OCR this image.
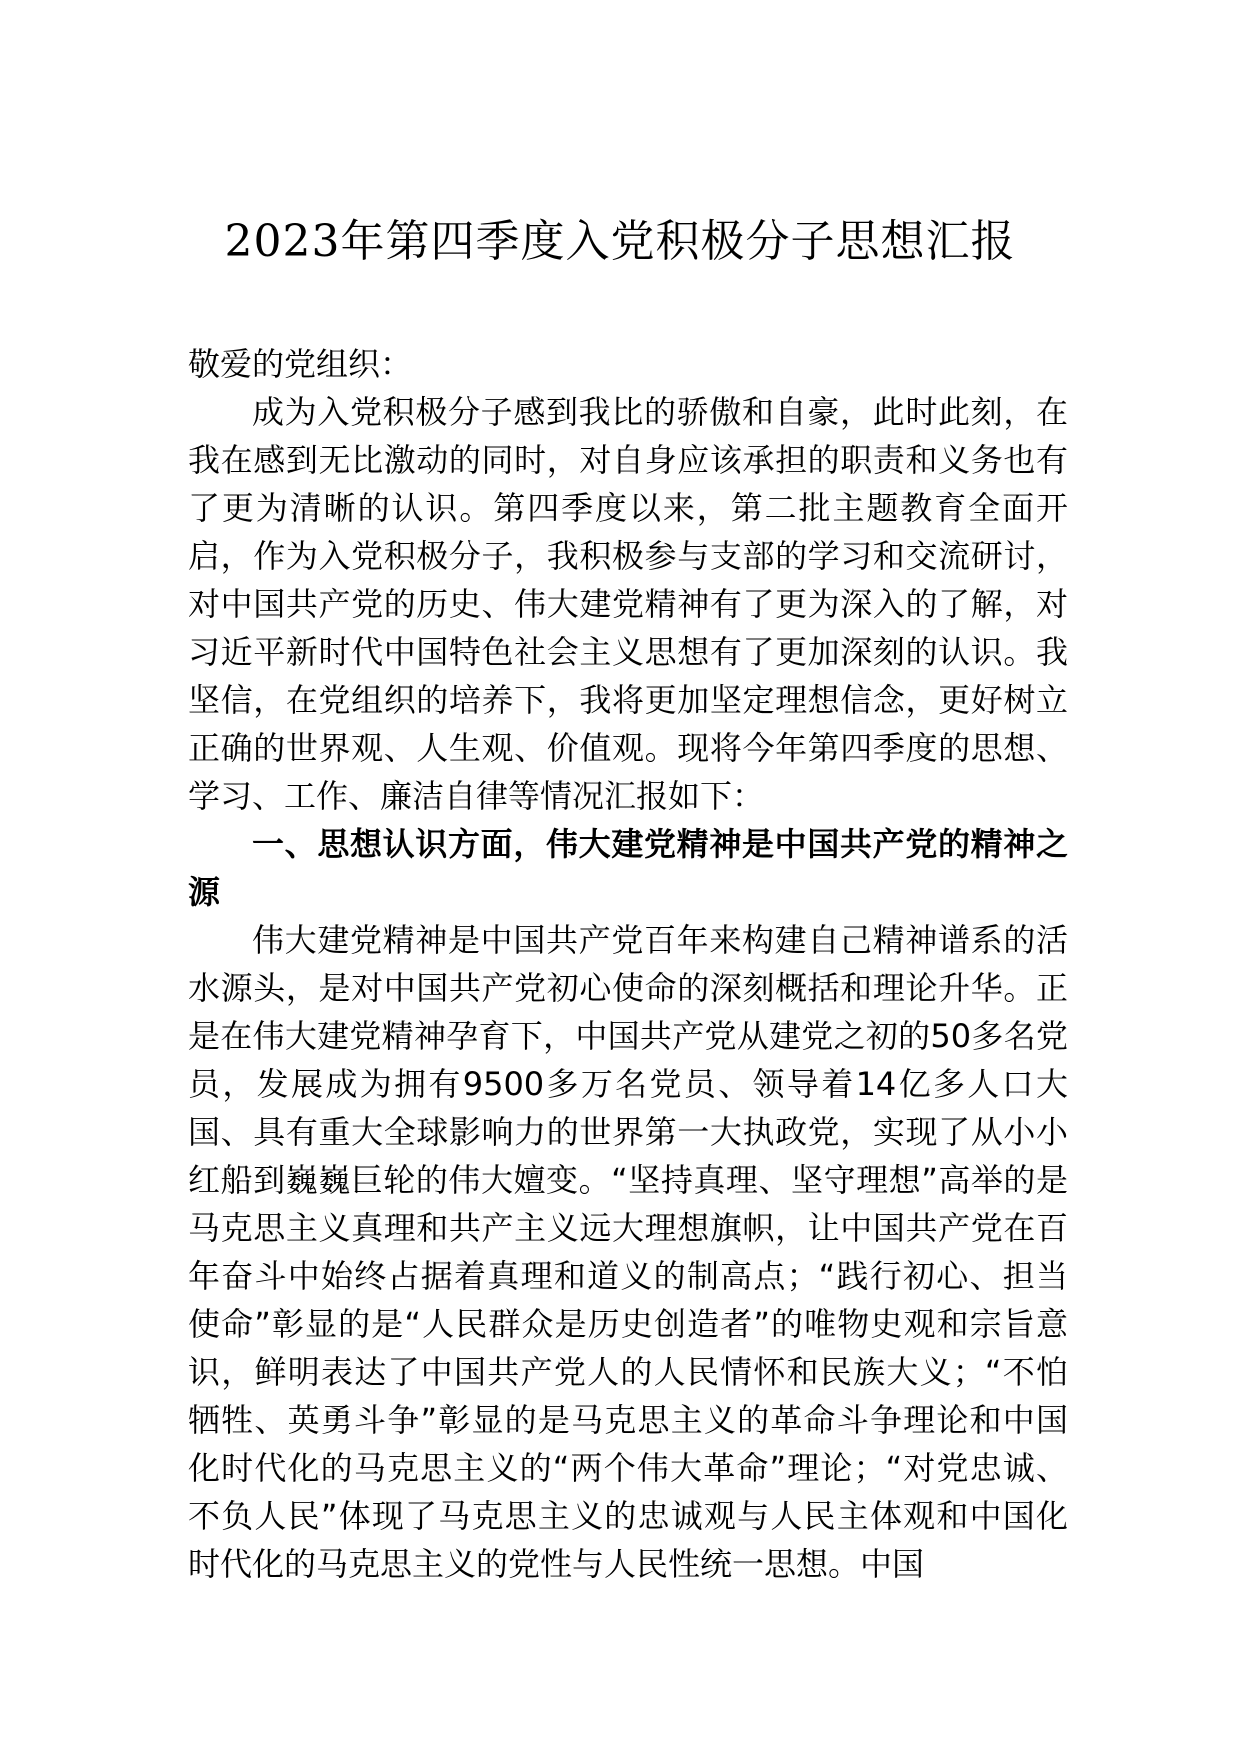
2023年第四季度入党积极分子思想汇报

敬爱的党组织：

成为入党积极分子感到我比的骄傲和自豪，此时此刻，在我在感到无比激动的同时，对自身应该承担的职责和义务也有了更为清晰的认识。第四季度以来，第二批主题教育全面开启，作为入党积极分子，我积极参与支部的学习和交流研讨，对中国共产党的历史、伟大建党精神有了更为深入的了解，对习近平新时代中国特色社会主义思想有了更加深刻的认识。我坚信，在党组织的培养下，我将更加坚定理想信念，更好树立正确的世界观、人生观、价值观。现将今年第四季度的思想、学习、工作、廉洁自律等情况汇报如下：

一、思想认识方面，伟大建党精神是中国共产党的精神之源

伟大建党精神是中国共产党百年来构建自己精神谱系的活水源头，是对中国共产党初心使命的深刻概括和理论升华。正是在伟大建党精神孕育下，中国共产党从建党之初的50多名党员，发展成为拥有9500多万名党员、领导着14亿多人口大国、具有重大全球影响力的世界第一大执政党，实现了从小小红船到巍巍巨轮的伟大嬗变。“坚持真理、坚守理想”高举的是马克思主义真理和共产主义远大理想旗帜，让中国共产党在百年奋斗中始终占据着真理和道义的制高点；“践行初心、担当使命”彰显的是“人民群众是历史创造者”的唯物史观和宗旨意识，鲜明表达了中国共产党人的人民情怀和民族大义；“不怕牺牲、英勇斗争”彰显的是马克思主义的革命斗争理论和中国化时代化的马克思主义的“两个伟大革命”理论；“对党忠诚、不负人民”体现了马克思主义的忠诚观与人民主体观和中国化时代化的马克思主义的党性与人民性统一思想。中国
